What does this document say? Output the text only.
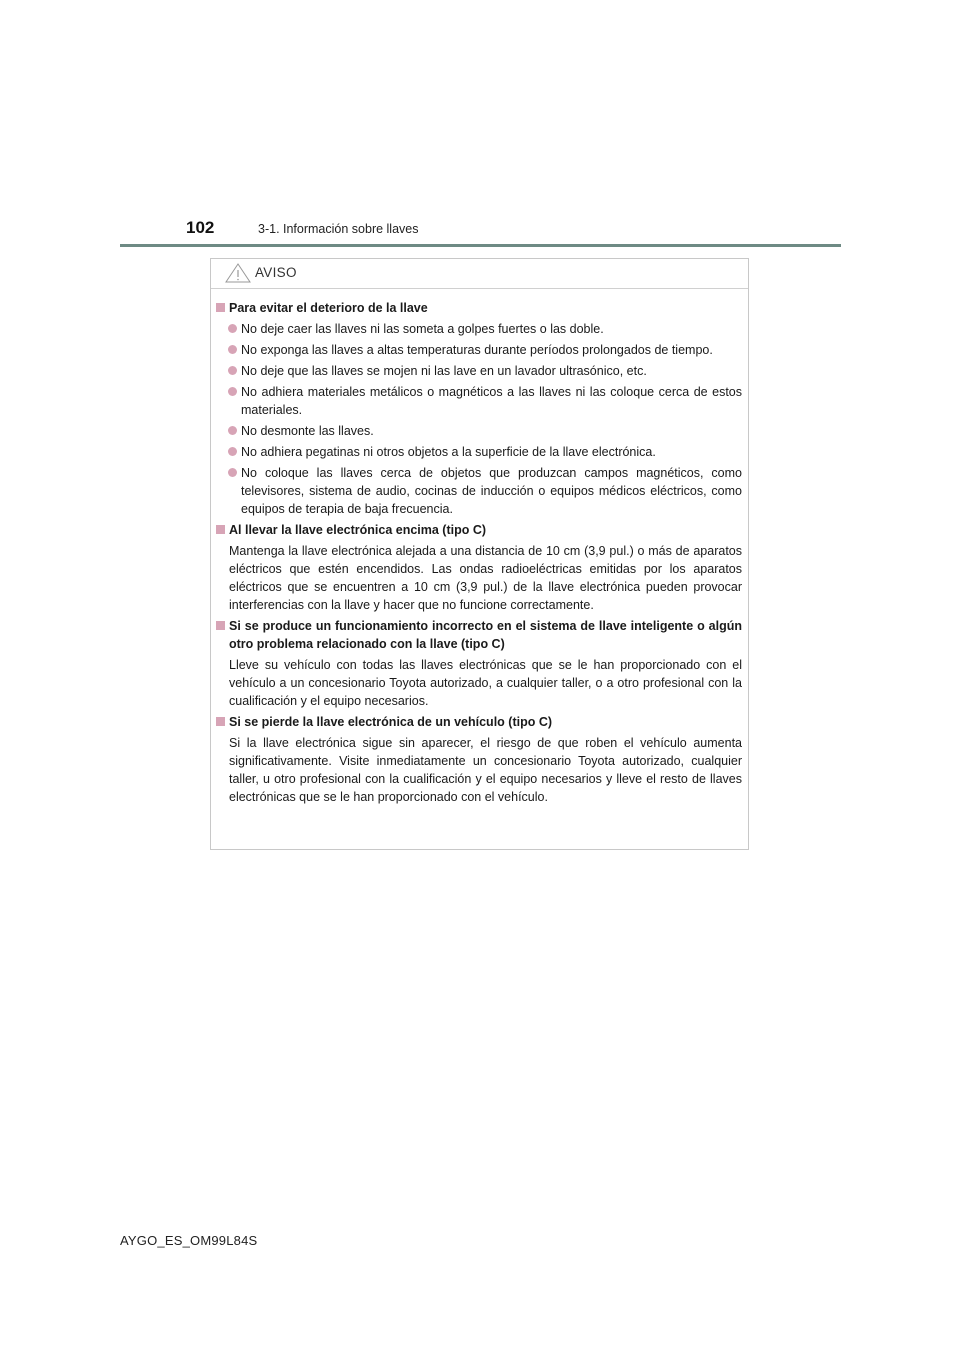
102	3-1. Información sobre llaves
AVISO
Para evitar el deterioro de la llave
No deje caer las llaves ni las someta a golpes fuertes o las doble.
No exponga las llaves a altas temperaturas durante períodos prolongados de tiempo.
No deje que las llaves se mojen ni las lave en un lavador ultrasónico, etc.
No adhiera materiales metálicos o magnéticos a las llaves ni las coloque cerca de estos materiales.
No desmonte las llaves.
No adhiera pegatinas ni otros objetos a la superficie de la llave electrónica.
No coloque las llaves cerca de objetos que produzcan campos magnéticos, como televisores, sistema de audio, cocinas de inducción o equipos médicos eléctricos, como equipos de terapia de baja frecuencia.
Al llevar la llave electrónica encima (tipo C)
Mantenga la llave electrónica alejada a una distancia de 10 cm (3,9 pul.) o más de aparatos eléctricos que estén encendidos. Las ondas radioeléctricas emitidas por los aparatos eléctricos que se encuentren a 10 cm (3,9 pul.) de la llave electrónica pueden provocar interferencias con la llave y hacer que no funcione correctamente.
Si se produce un funcionamiento incorrecto en el sistema de llave inteligente o algún otro problema relacionado con la llave (tipo C)
Lleve su vehículo con todas las llaves electrónicas que se le han proporcionado con el vehículo a un concesionario Toyota autorizado, a cualquier taller, o a otro profesional con la cualificación y el equipo necesarios.
Si se pierde la llave electrónica de un vehículo (tipo C)
Si la llave electrónica sigue sin aparecer, el riesgo de que roben el vehículo aumenta significativamente. Visite inmediatamente un concesionario Toyota autorizado, cualquier taller, u otro profesional con la cualificación y el equipo necesarios y lleve el resto de llaves electrónicas que se le han proporcionado con el vehículo.
AYGO_ES_OM99L84S
